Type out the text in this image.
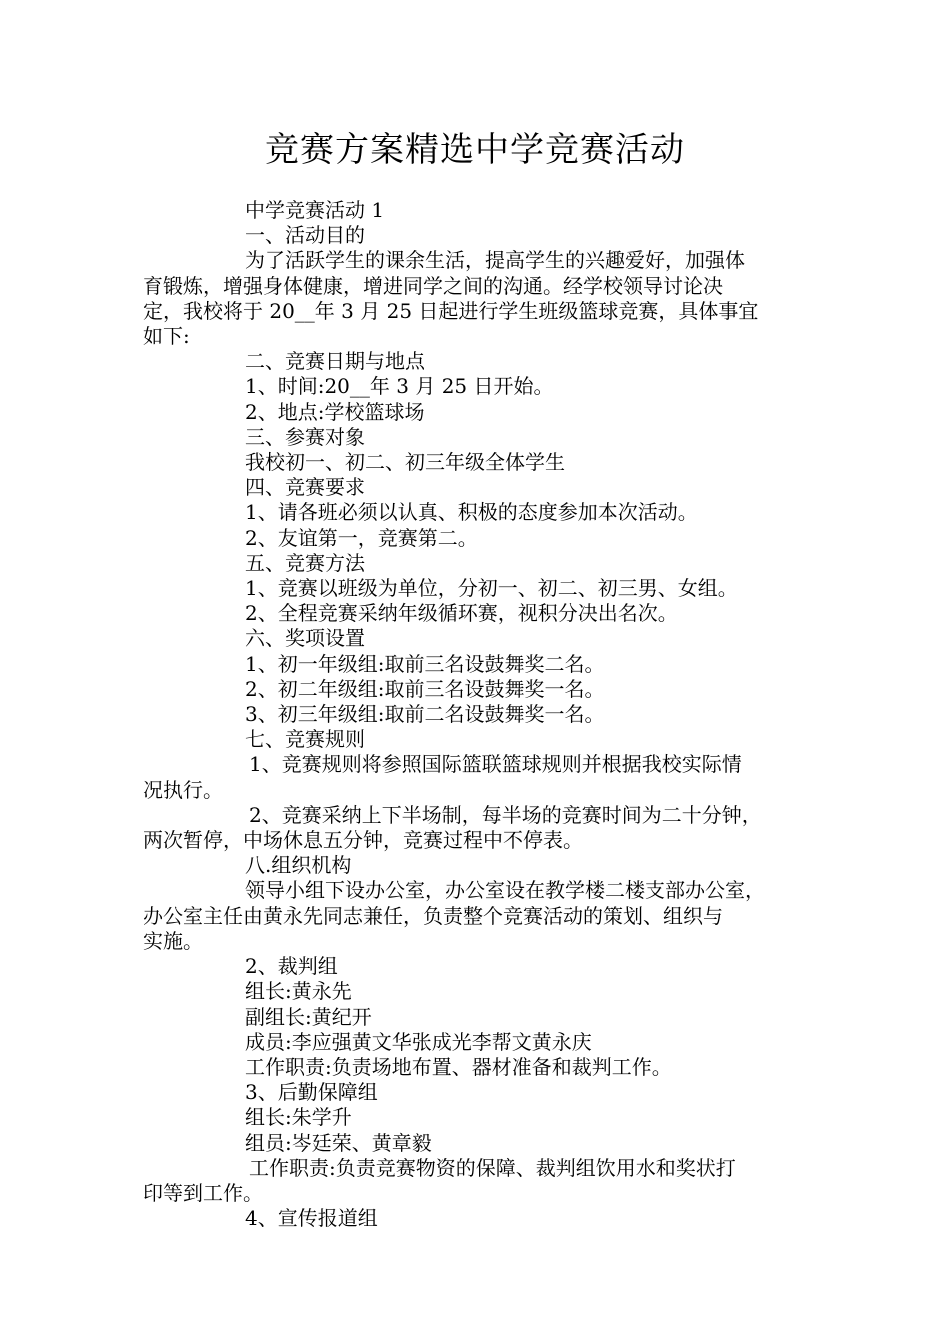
竞赛方案精选中学竞赛活动

中学竞赛活动 1

一、活动目的

为了活跃学生的课余生活，提高学生的兴趣爱好，加强体

育锻炼，增强身体健康，增进同学之间的沟通。经学校领导讨论决

定，我校将于 20__年 3 月 25 日起进行学生班级篮球竞赛，具体事宜

如下:

二、竞赛日期与地点

1、时间:20__年 3 月 25 日开始。

2、地点:学校篮球场

三、参赛对象

我校初一、初二、初三年级全体学生

四、竞赛要求

1、请各班必须以认真、积极的态度参加本次活动。

2、友谊第一，竞赛第二。

五、竞赛方法

1、竞赛以班级为单位，分初一、初二、初三男、女组。

2、全程竞赛采纳年级循环赛，视积分决出名次。

六、奖项设置

1、初一年级组:取前三名设鼓舞奖二名。

2、初二年级组:取前三名设鼓舞奖一名。

3、初三年级组:取前二名设鼓舞奖一名。

七、竞赛规则

1、竞赛规则将参照国际篮联篮球规则并根据我校实际情

况执行。

2、竞赛采纳上下半场制，每半场的竞赛时间为二十分钟，

两次暂停，中场休息五分钟，竞赛过程中不停表。

八.组织机构

领导小组下设办公室，办公室设在教学楼二楼支部办公室，

办公室主任由黄永先同志兼任，负责整个竞赛活动的策划、组织与

实施。

2、裁判组

组长:黄永先

副组长:黄纪开

成员:李应强黄文华张成光李帮文黄永庆

工作职责:负责场地布置、器材准备和裁判工作。

3、后勤保障组

组长:朱学升

组员:岑廷荣、黄章毅

工作职责:负责竞赛物资的保障、裁判组饮用水和奖状打

印等到工作。

4、宣传报道组
